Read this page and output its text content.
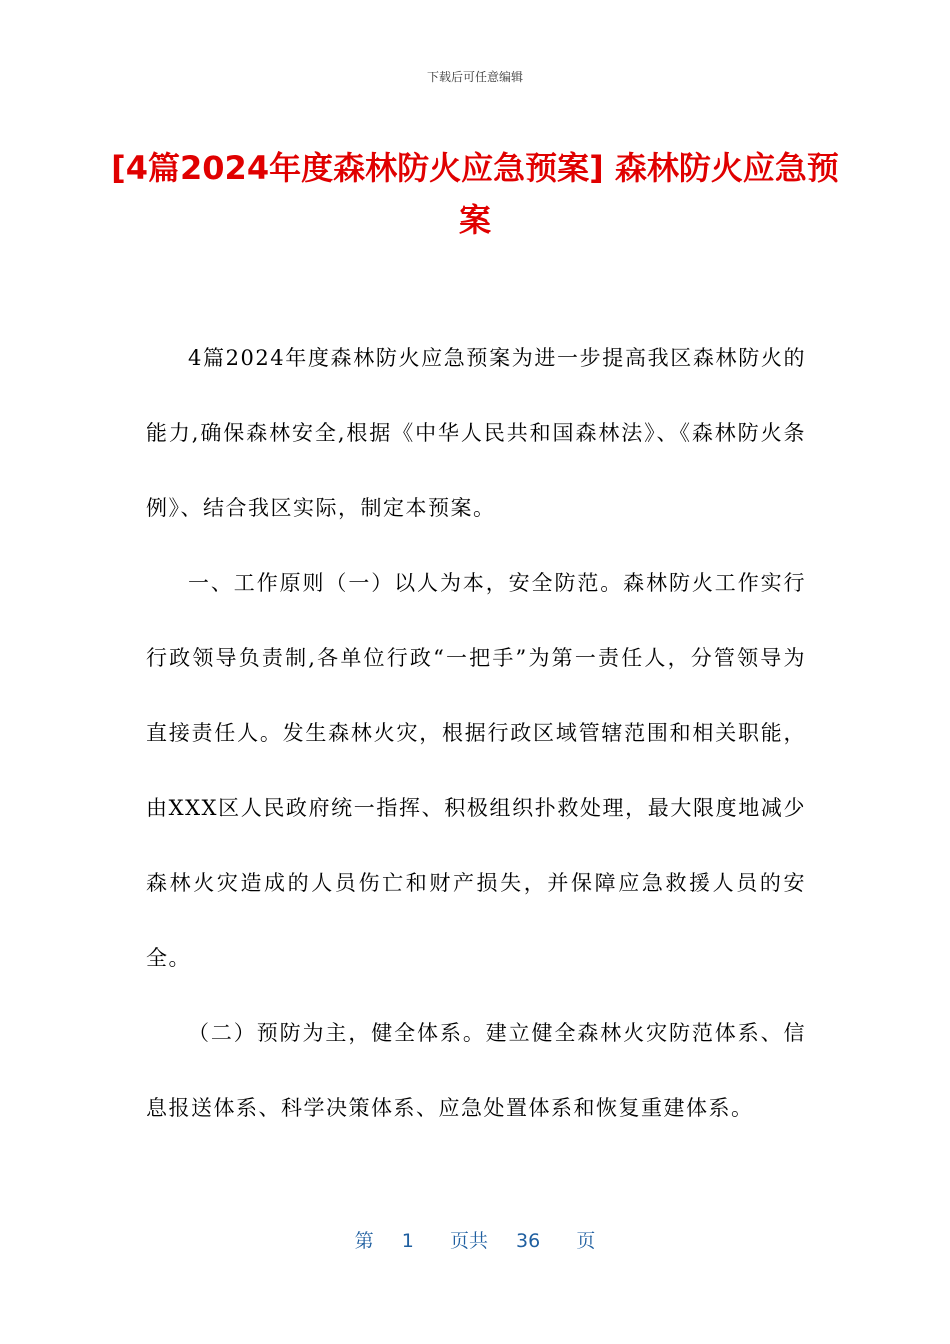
下载后可任意编辑
[4篇2024年度森林防火应急预案] 森林防火应急预案

4篇2024年度森林防火应急预案为进一步提高我区森林防火的能力,确保森林安全,根据《中华人民共和国森林法》、《森林防火条例》、结合我区实际，制定本预案。

一、工作原则（一）以人为本，安全防范。森林防火工作实行行政领导负责制,各单位行政“一把手”为第一责任人，分管领导为直接责任人。发生森林火灾，根据行政区域管辖范围和相关职能，由XXX区人民政府统一指挥、积极组织扑救处理，最大限度地减少森林火灾造成的人员伤亡和财产损失，并保障应急救援人员的安全。

（二）预防为主，健全体系。建立健全森林火灾防范体系、信息报送体系、科学决策体系、应急处置体系和恢复重建体系。

第 1 页共 36 页
